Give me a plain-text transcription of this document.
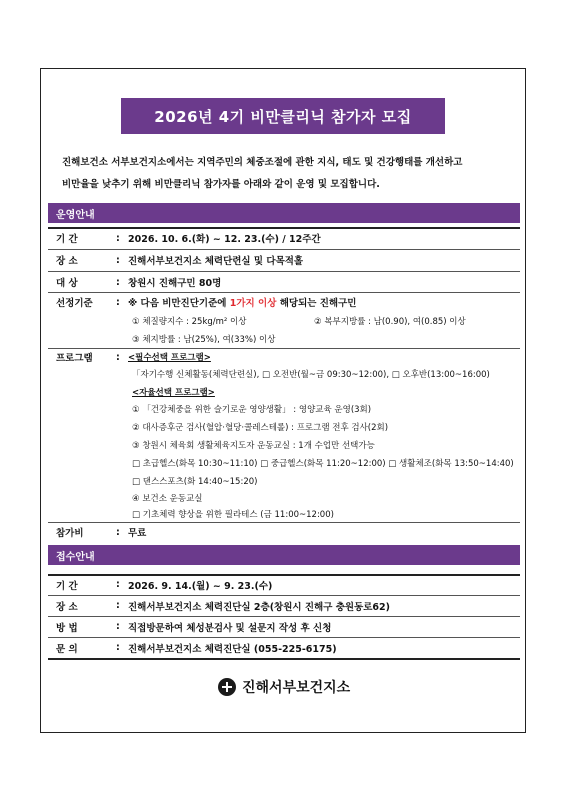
2026년 4기 비만클리닉 참가자 모집
진해보건소 서부보건지소에서는 지역주민의 체중조절에 관한 지식, 태도 및 건강행태를 개선하고
비만율을 낮추기 위해 비만클리닉 참가자를 아래와 같이 운영 및 모집합니다.
운영안내
기 간	: 2026. 10. 6.(화) ~ 12. 23.(수) / 12주간
장 소	: 진해서부보건지소 체력단련실 및 다목적홀
대 상	: 창원시 진해구민 80명
선정기준	: ※ 다음 비만진단기준에 1가지 이상 해당되는 진해구민
① 체질량지수 : 25kg/m² 이상	② 복부지방률 : 남(0.90), 여(0.85) 이상
③ 체지방률 : 남(25%), 여(33%) 이상
프로그램	: <필수선택 프로그램>
「자기수행 신체활동(체력단련실), □ 오전반(월~금 09:30~12:00), □ 오후반(13:00~16:00)
<자율선택 프로그램>
① 「건강체중을 위한 슬기로운 영양생활」 : 영양교육 운영(3회)
② 대사증후군 검사(혈압·혈당·콜레스테롤) : 프로그램 전후 검사(2회)
③ 창원시 체육회 생활체육지도자 운동교실 : 1개 수업만 선택가능
□ 초급헬스(화목 10:30~11:10) □ 중급헬스(화목 11:20~12:00) □ 생활체조(화목 13:50~14:40)
□ 댄스스포츠(화 14:40~15:20)
④ 보건소 운동교실
□ 기초체력 향상을 위한 필라테스 (금 11:00~12:00)
참가비	: 무료
접수안내
기 간	: 2026. 9. 14.(월) ~ 9. 23.(수)
장 소	: 진해서부보건지소 체력진단실 2층(창원시 진해구 충원동로62)
방 법	: 직접방문하여 체성분검사 및 설문지 작성 후 신청
문 의	: 진해서부보건지소 체력진단실 (055-225-6175)
진해서부보건지소
